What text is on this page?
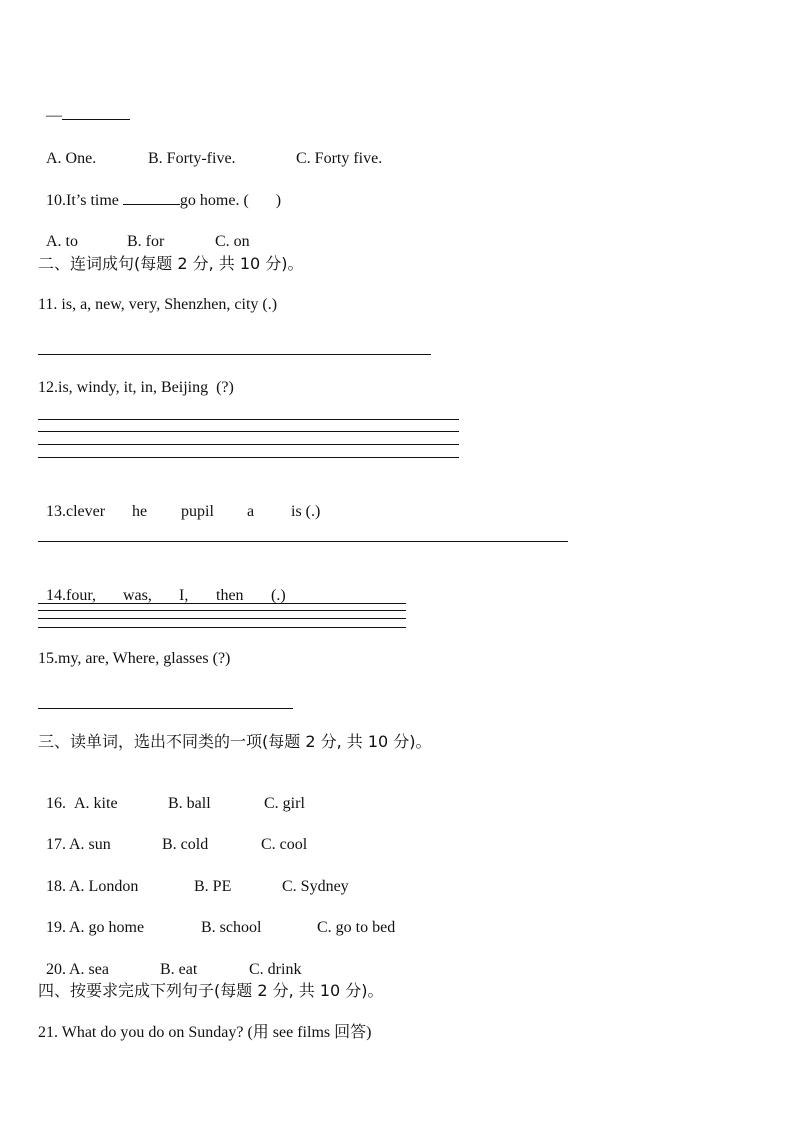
—

A. One.	B. Forty-five.	C. Forty five.

10.It’s time	go home. ( )

A. to	B. for	C. on

二、连词成句(每题 2 分, 共 10 分)。
11. is, a, new, very, Shenzhen, city (.)
12.is, windy, it, in, Beijing  (?)

13.clever he pupil a is (.)

14.four, was, I, then (.)

15.my, are, Where, glasses (?)
三、读单词，选出不同类的一项(每题 2 分, 共 10 分)。

16. A. kite	B. ball	C. girl

17. A. sun	B. cold	C. cool

18. A. London	B. PE	C. Sydney

19. A. go home	B. school	C. go to bed

20. A. sea	B. eat	C. drink

四、按要求完成下列句子(每题 2 分, 共 10 分)。
21. What do you do on Sunday? (用 see films 回答)
